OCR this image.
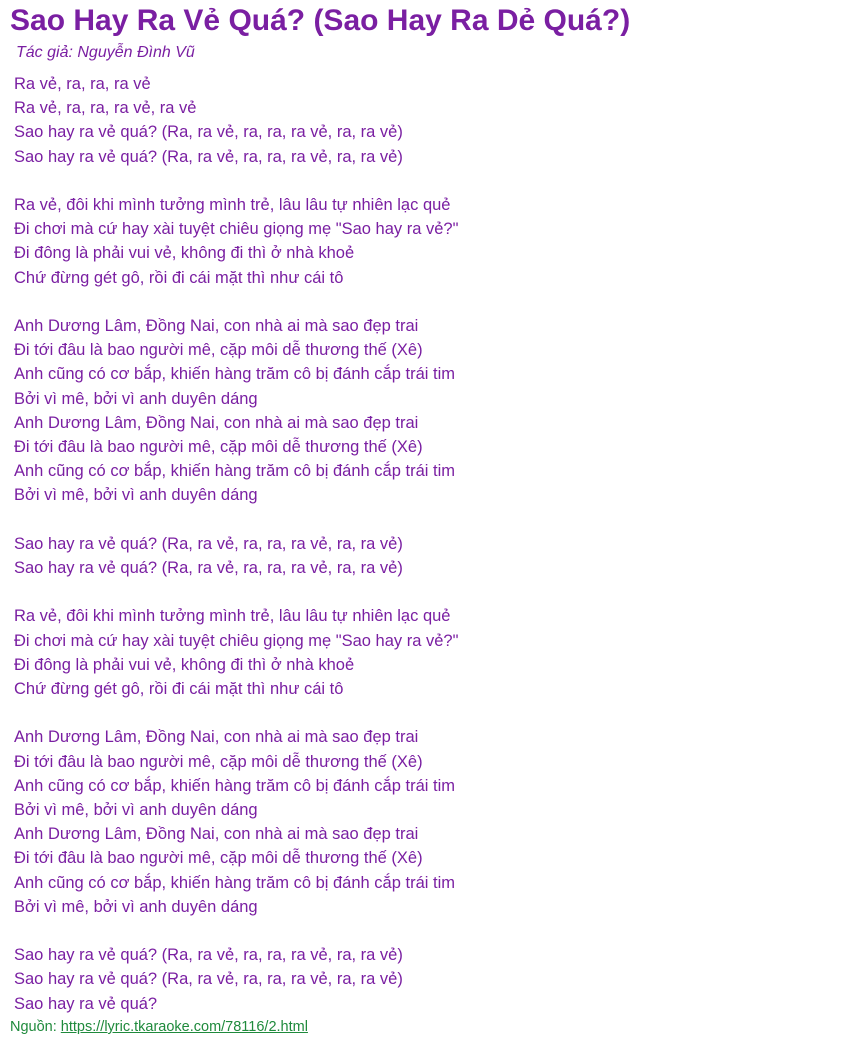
Sao Hay Ra Vẻ Quá? (Sao Hay Ra Dẻ Quá?)
Tác giả: Nguyễn Đình Vũ
Ra vẻ, ra, ra, ra vẻ
Ra vẻ, ra, ra, ra vẻ, ra vẻ
Sao hay ra vẻ quá? (Ra, ra vẻ, ra, ra, ra vẻ, ra, ra vẻ)
Sao hay ra vẻ quá? (Ra, ra vẻ, ra, ra, ra vẻ, ra, ra vẻ)

Ra vẻ, đôi khi mình tưởng mình trẻ, lâu lâu tự nhiên lạc quẻ
Đi chơi mà cứ hay xài tuyệt chiêu giọng mẹ "Sao hay ra vẻ?"
Đi đông là phải vui vẻ, không đi thì ở nhà khoẻ
Chứ đừng gét gô, rồi đi cái mặt thì như cái tô

Anh Dương Lâm, Đồng Nai, con nhà ai mà sao đẹp trai
Đi tới đâu là bao người mê, cặp môi dễ thương thế (Xê)
Anh cũng có cơ bắp, khiến hàng trăm cô bị đánh cắp trái tim
Bởi vì mê, bởi vì anh duyên dáng
Anh Dương Lâm, Đồng Nai, con nhà ai mà sao đẹp trai
Đi tới đâu là bao người mê, cặp môi dễ thương thế (Xê)
Anh cũng có cơ bắp, khiến hàng trăm cô bị đánh cắp trái tim
Bởi vì mê, bởi vì anh duyên dáng

Sao hay ra vẻ quá? (Ra, ra vẻ, ra, ra, ra vẻ, ra, ra vẻ)
Sao hay ra vẻ quá? (Ra, ra vẻ, ra, ra, ra vẻ, ra, ra vẻ)

Ra vẻ, đôi khi mình tưởng mình trẻ, lâu lâu tự nhiên lạc quẻ
Đi chơi mà cứ hay xài tuyệt chiêu giọng mẹ "Sao hay ra vẻ?"
Đi đông là phải vui vẻ, không đi thì ở nhà khoẻ
Chứ đừng gét gô, rồi đi cái mặt thì như cái tô

Anh Dương Lâm, Đồng Nai, con nhà ai mà sao đẹp trai
Đi tới đâu là bao người mê, cặp môi dễ thương thế (Xê)
Anh cũng có cơ bắp, khiến hàng trăm cô bị đánh cắp trái tim
Bởi vì mê, bởi vì anh duyên dáng
Anh Dương Lâm, Đồng Nai, con nhà ai mà sao đẹp trai
Đi tới đâu là bao người mê, cặp môi dễ thương thế (Xê)
Anh cũng có cơ bắp, khiến hàng trăm cô bị đánh cắp trái tim
Bởi vì mê, bởi vì anh duyên dáng

Sao hay ra vẻ quá? (Ra, ra vẻ, ra, ra, ra vẻ, ra, ra vẻ)
Sao hay ra vẻ quá? (Ra, ra vẻ, ra, ra, ra vẻ, ra, ra vẻ)
Sao hay ra vẻ quá?
Nguồn: https://lyric.tkaraoke.com/78116/2.html
